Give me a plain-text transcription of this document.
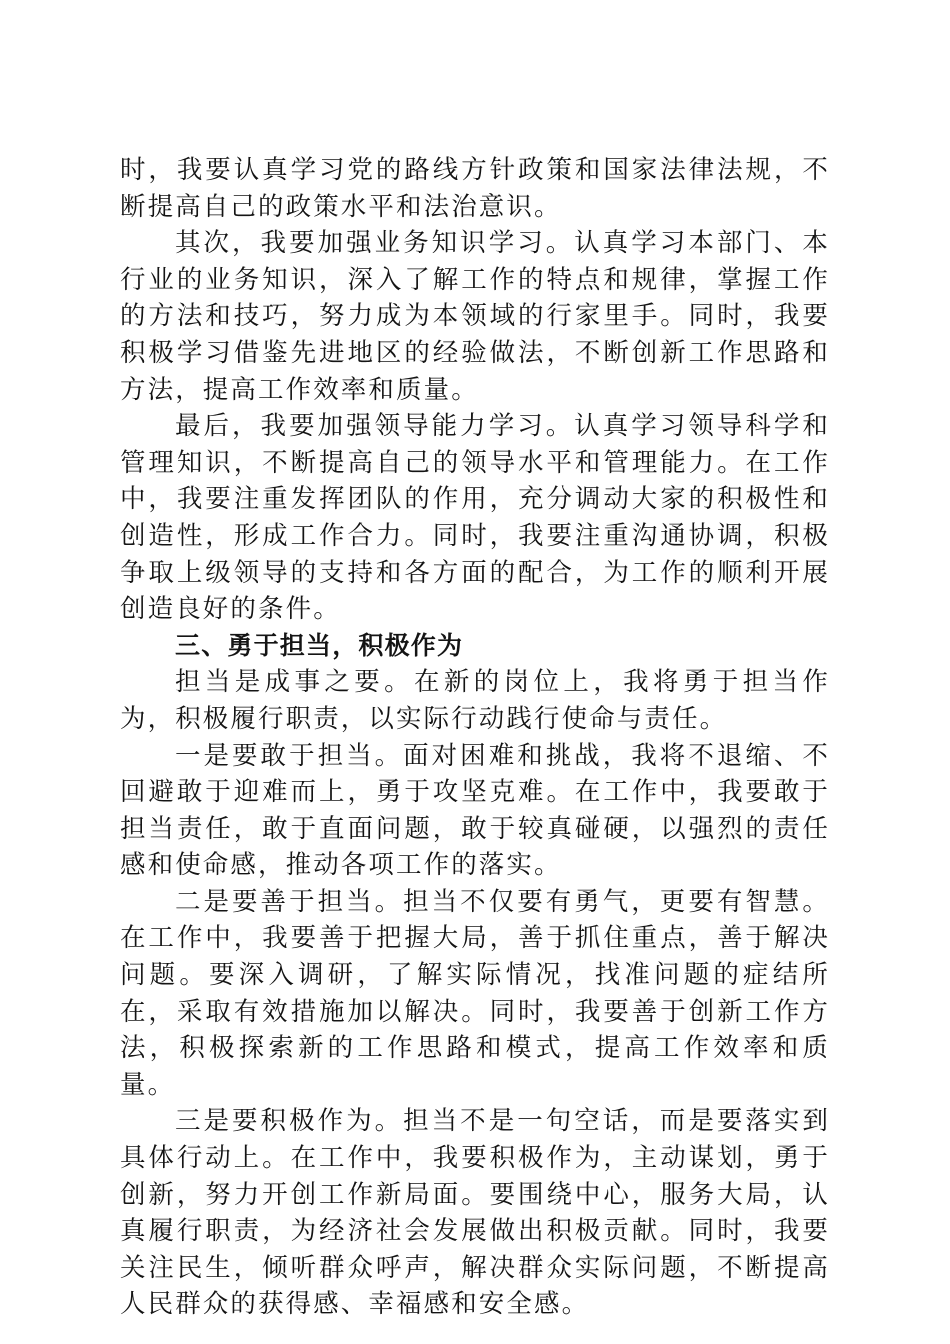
时，我要认真学习党的路线方针政策和国家法律法规，不断提高自己的政策水平和法治意识。

其次，我要加强业务知识学习。认真学习本部门、本行业的业务知识，深入了解工作的特点和规律，掌握工作的方法和技巧，努力成为本领域的行家里手。同时，我要积极学习借鉴先进地区的经验做法，不断创新工作思路和方法，提高工作效率和质量。

最后，我要加强领导能力学习。认真学习领导科学和管理知识，不断提高自己的领导水平和管理能力。在工作中，我要注重发挥团队的作用，充分调动大家的积极性和创造性，形成工作合力。同时，我要注重沟通协调，积极争取上级领导的支持和各方面的配合，为工作的顺利开展创造良好的条件。

三、勇于担当，积极作为

担当是成事之要。在新的岗位上，我将勇于担当作为，积极履行职责，以实际行动践行使命与责任。

一是要敢于担当。面对困难和挑战，我将不退缩、不回避敢于迎难而上，勇于攻坚克难。在工作中，我要敢于担当责任，敢于直面问题，敢于较真碰硬，以强烈的责任感和使命感，推动各项工作的落实。

二是要善于担当。担当不仅要有勇气，更要有智慧。在工作中，我要善于把握大局，善于抓住重点，善于解决问题。要深入调研，了解实际情况，找准问题的症结所在，采取有效措施加以解决。同时，我要善于创新工作方法，积极探索新的工作思路和模式，提高工作效率和质量。

三是要积极作为。担当不是一句空话，而是要落实到具体行动上。在工作中，我要积极作为，主动谋划，勇于创新，努力开创工作新局面。要围绕中心，服务大局，认真履行职责，为经济社会发展做出积极贡献。同时，我要关注民生，倾听群众呼声，解决群众实际问题，不断提高人民群众的获得感、幸福感和安全感。
